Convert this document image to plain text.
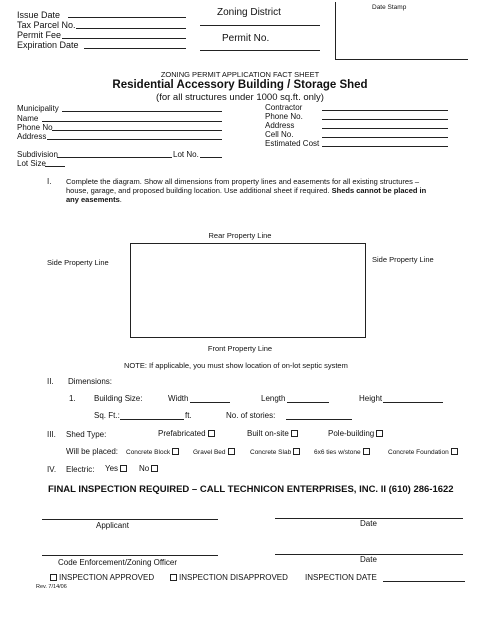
Issue Date
Tax Parcel No.
Permit Fee
Expiration Date
Zoning District
Permit No.
Date Stamp
ZONING PERMIT APPLICATION FACT SHEET
Residential Accessory Building / Storage Shed
(for all structures under 1000 sq.ft. only)
Municipality
Name
Phone No
Address
Contractor
Phone No.
Address
Cell No.
Estimated Cost
Subdivision	Lot No.
Lot Size
I. Complete the diagram. Show all dimensions from property lines and easements for all existing structures –
house, garage, and proposed building location. Use additional sheet if required. Sheds cannot be placed in
any easements.
Rear Property Line
Side Property Line	Side Property Line
Front Property Line
NOTE: If applicable, you must show location of on-lot septic system
II. Dimensions:
1. Building Size:	Width	Length	Height
Sq. Ft.:	ft.	No. of stories:
III. Shed Type:	Prefabricated	Built on-site	Pole-building
Will be placed: Concrete Block	Gravel Bed	Concrete Slab	6x6 ties w/stone	Concrete Foundation
IV. Electric: Yes	No
FINAL INSPECTION REQUIRED – CALL TECHNICON ENTERPRISES, INC. II (610) 286-1622
Applicant	Date
Code Enforcement/Zoning Officer	Date
INSPECTION APPROVED	INSPECTION DISAPPROVED INSPECTION DATE
Rev. 7/14/06
